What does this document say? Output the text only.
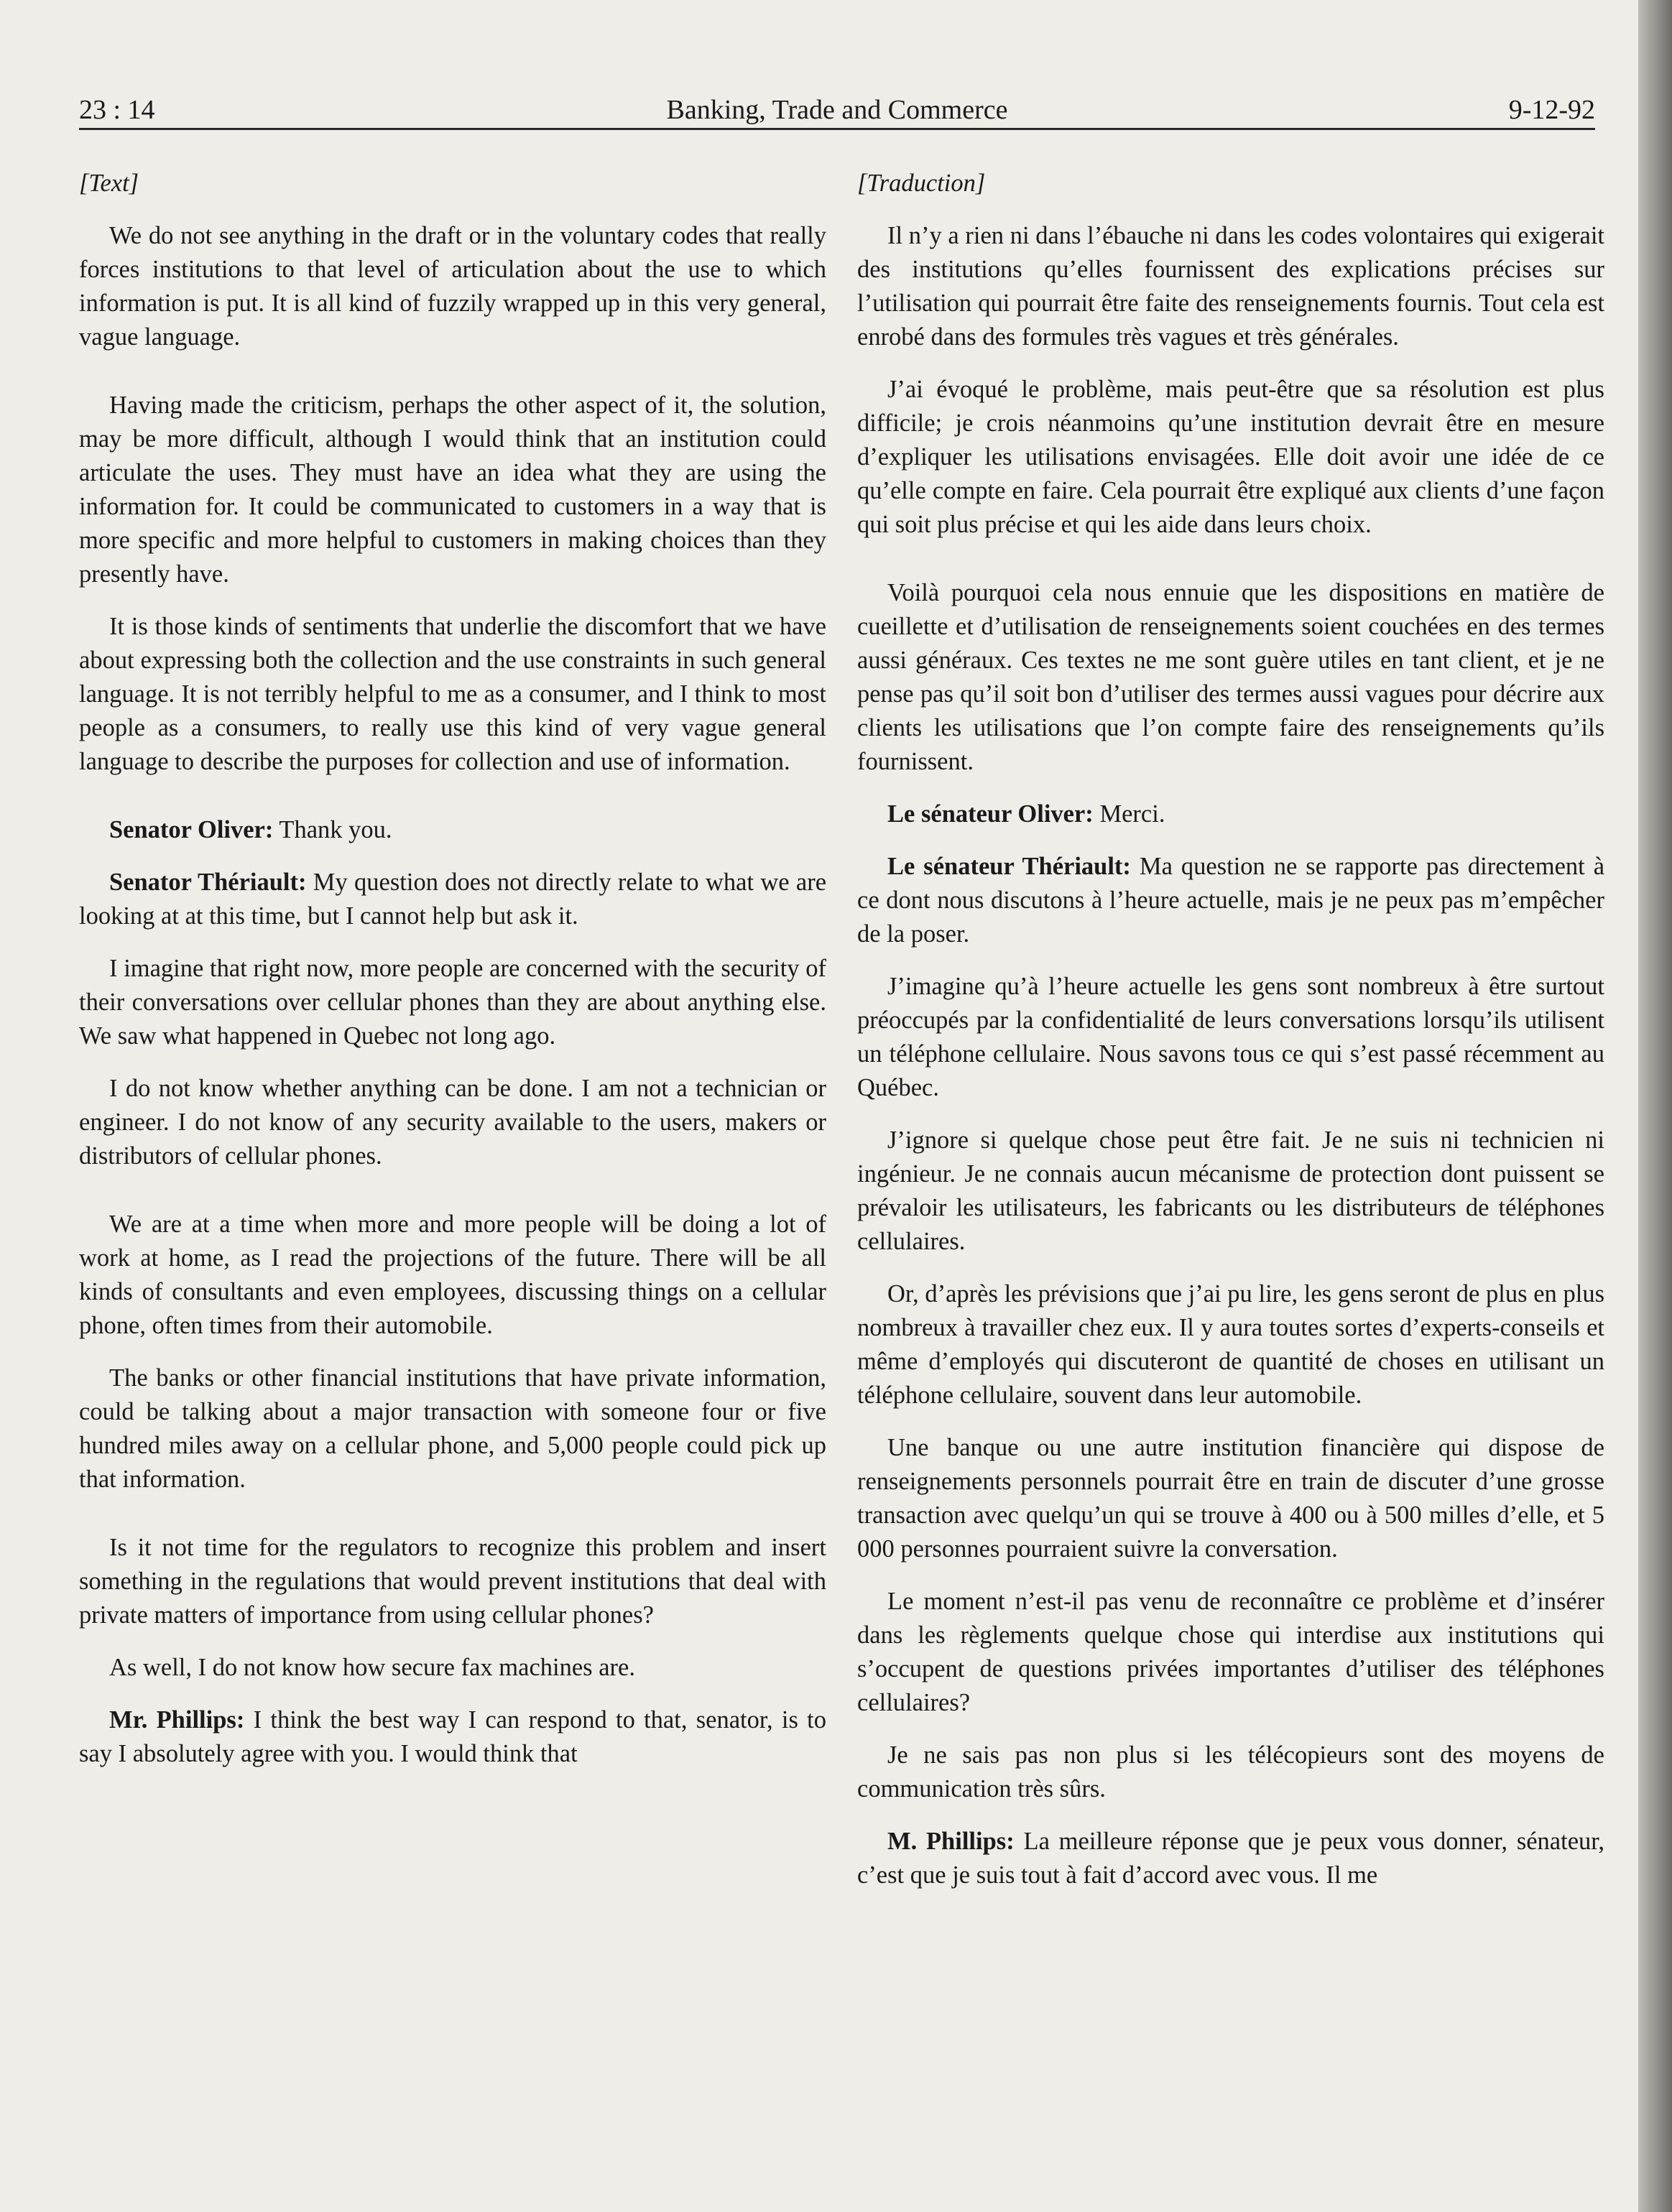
Banking, Trade and Commerce
23 : 14	9-12-92

[Text]

We do not see anything in the draft or in the voluntary codes that really forces institutions to that level of articulation about the use to which information is put. It is all kind of fuzzily wrapped up in this very general, vague language.

Having made the criticism, perhaps the other aspect of it, the solution, may be more difficult, although I would think that an institution could articulate the uses. They must have an idea what they are using the information for. It could be communicated to customers in a way that is more specific and more helpful to customers in making choices than they presently have.

It is those kinds of sentiments that underlie the discomfort that we have about expressing both the collection and the use constraints in such general language. It is not terribly helpful to me as a consumer, and I think to most people as a consumers, to really use this kind of very vague general language to describe the purposes for collection and use of information.

Senator Oliver: Thank you.

Senator Thériault: My question does not directly relate to what we are looking at at this time, but I cannot help but ask it.

I imagine that right now, more people are concerned with the security of their conversations over cellular phones than they are about anything else. We saw what happened in Quebec not long ago.

I do not know whether anything can be done. I am not a technician or engineer. I do not know of any security available to the users, makers or distributors of cellular phones.

We are at a time when more and more people will be doing a lot of work at home, as I read the projections of the future. There will be all kinds of consultants and even employees, discussing things on a cellular phone, often times from their automobile.

The banks or other financial institutions that have private information, could be talking about a major transaction with someone four or five hundred miles away on a cellular phone, and 5,000 people could pick up that information.

Is it not time for the regulators to recognize this problem and insert something in the regulations that would prevent institutions that deal with private matters of importance from using cellular phones?

As well, I do not know how secure fax machines are.

Mr. Phillips: I think the best way I can respond to that, senator, is to say I absolutely agree with you. I would think that

[Traduction]

Il n’y a rien ni dans l’ébauche ni dans les codes volontaires qui exigerait des institutions qu’elles fournissent des explications précises sur l’utilisation qui pourrait être faite des renseignements fournis. Tout cela est enrobé dans des formules très vagues et très générales.

J’ai évoqué le problème, mais peut-être que sa résolution est plus difficile; je crois néanmoins qu’une institution devrait être en mesure d’expliquer les utilisations envisagées. Elle doit avoir une idée de ce qu’elle compte en faire. Cela pourrait être expliqué aux clients d’une façon qui soit plus précise et qui les aide dans leurs choix.

Voilà pourquoi cela nous ennuie que les dispositions en matière de cueillette et d’utilisation de renseignements soient couchées en des termes aussi généraux. Ces textes ne me sont guère utiles en tant client, et je ne pense pas qu’il soit bon d’utiliser des termes aussi vagues pour décrire aux clients les utilisations que l’on compte faire des renseignements qu’ils fournissent.

Le sénateur Oliver: Merci.

Le sénateur Thériault: Ma question ne se rapporte pas directement à ce dont nous discutons à l’heure actuelle, mais je ne peux pas m’empêcher de la poser.

J’imagine qu’à l’heure actuelle les gens sont nombreux à être surtout préoccupés par la confidentialité de leurs conversations lorsqu’ils utilisent un téléphone cellulaire. Nous savons tous ce qui s’est passé récemment au Québec.

J’ignore si quelque chose peut être fait. Je ne suis ni technicien ni ingénieur. Je ne connais aucun mécanisme de protection dont puissent se prévaloir les utilisateurs, les fabricants ou les distributeurs de téléphones cellulaires.

Or, d’après les prévisions que j’ai pu lire, les gens seront de plus en plus nombreux à travailler chez eux. Il y aura toutes sortes d’experts-conseils et même d’employés qui discuteront de quantité de choses en utilisant un téléphone cellulaire, souvent dans leur automobile.

Une banque ou une autre institution financière qui dispose de renseignements personnels pourrait être en train de discuter d’une grosse transaction avec quelqu’un qui se trouve à 400 ou à 500 milles d’elle, et 5 000 personnes pourraient suivre la conversation.

Le moment n’est-il pas venu de reconnaître ce problème et d’insérer dans les règlements quelque chose qui interdise aux institutions qui s’occupent de questions privées importantes d’utiliser des téléphones cellulaires?

Je ne sais pas non plus si les télécopieurs sont des moyens de communication très sûrs.

M. Phillips: La meilleure réponse que je peux vous donner, sénateur, c’est que je suis tout à fait d’accord avec vous. Il me
